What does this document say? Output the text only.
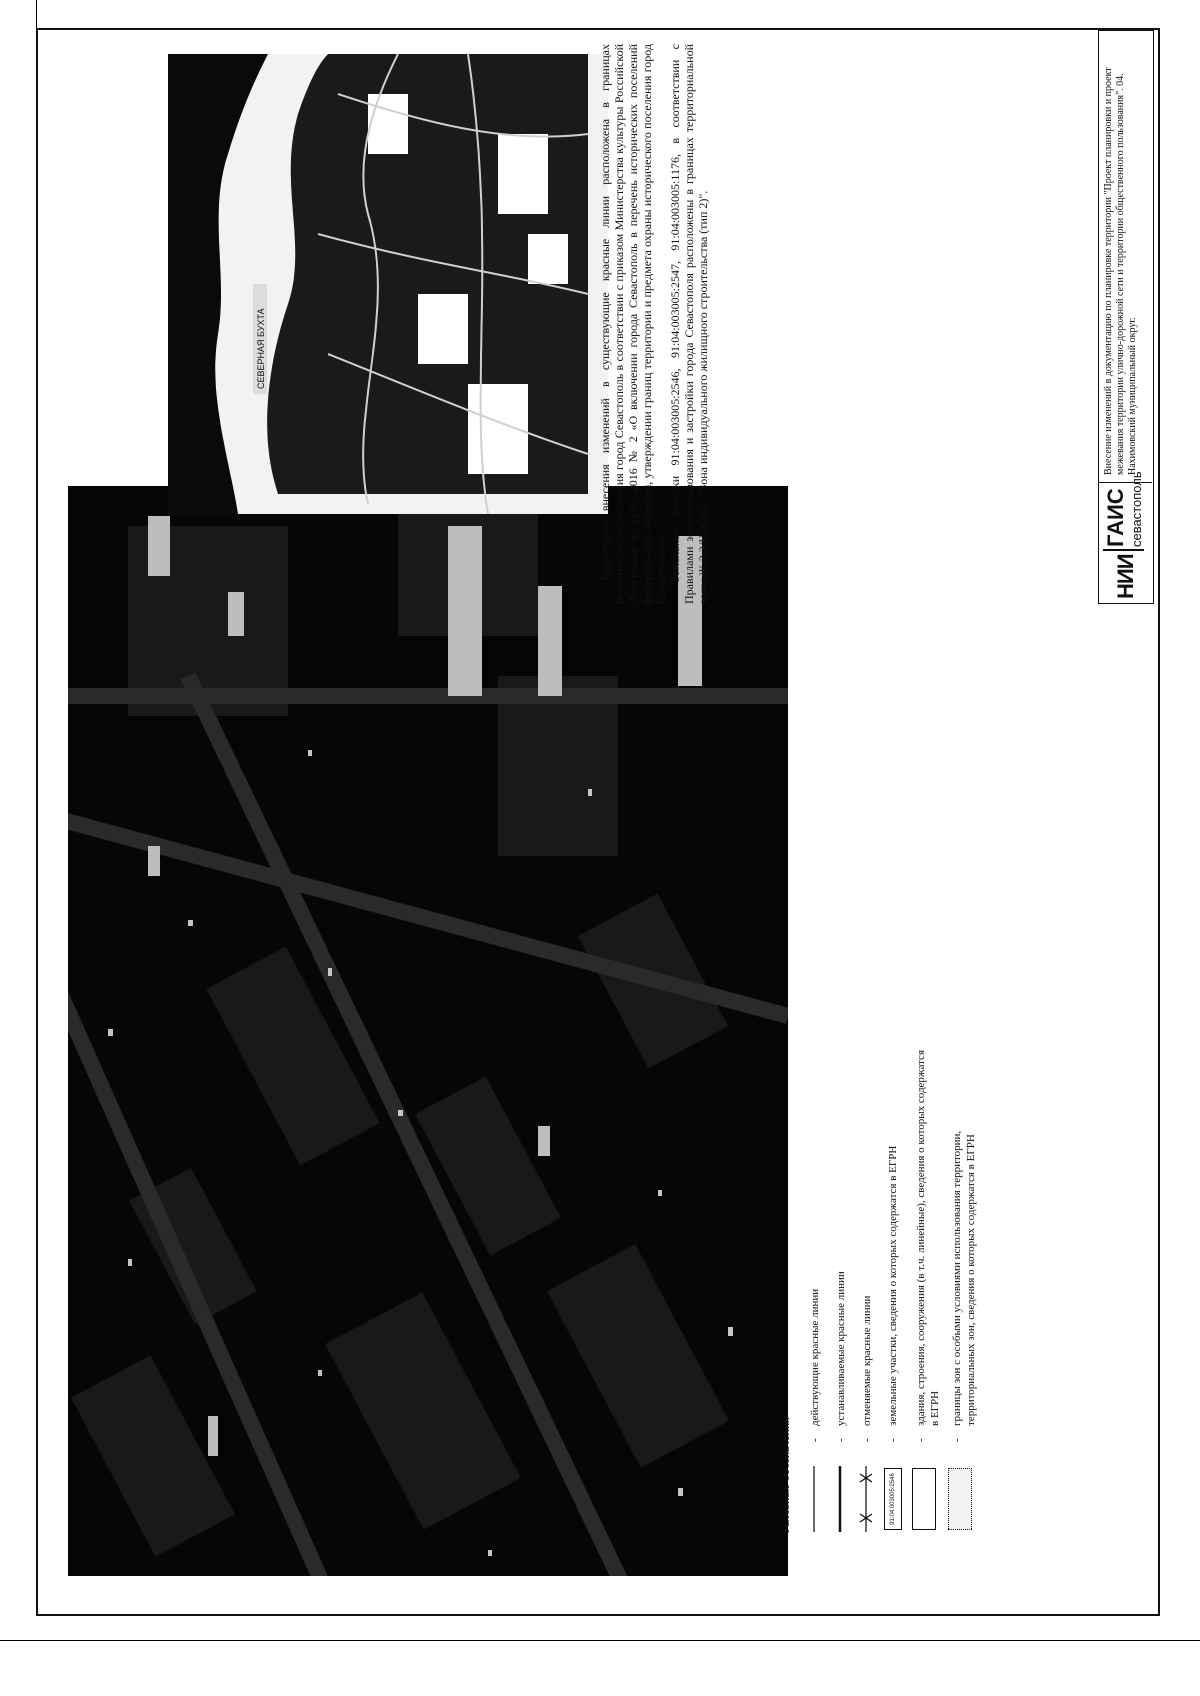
СЕВЕРНАЯ БУХТА
Условные обозначения -
действующие красные линии
-
устанавливаемые красные линии
-
отменяемые красные линии
91:04:003005:2546
-
земельные участки, сведения о которых содержатся в ЕГРН
-
здания, строения, сооружения (в т.ч. линейные), сведения о которых содержатся в ЕГРН
-
границы зон с особыми условиями использования территории, территориальных зон, сведения о которых содержатся в ЕГРН

Территория внесения изменений в существующие красные линии расположена в границах исторического поселения город Севастополь в соответствии с приказом Министерства культуры Российской Федерации от 11.01 2016 № 2 «О включении города Севастополь в перечень исторических поселений федерального значения, утверждении границ территории и предмета охраны исторического поселения город Севастополь». Земельные участки 91:04:003005:2546, 91:04:003005:2547, 91:04:003005:1176, в соответствии с Правилами землепользования и застройки города Севастополя расположены в границах территориальной зоны Ж-2.2/Н/Ж3/21 "Зона индивидуального жилищного строительства (тип 2)".	НИИ
ГАИС севастополь
Внесение изменений в документацию по планировке территории "Проект планировки и проект межевания территории улично-дорожной сети и территории общественного пользования". 04. Нахимовский муниципальный округ.
